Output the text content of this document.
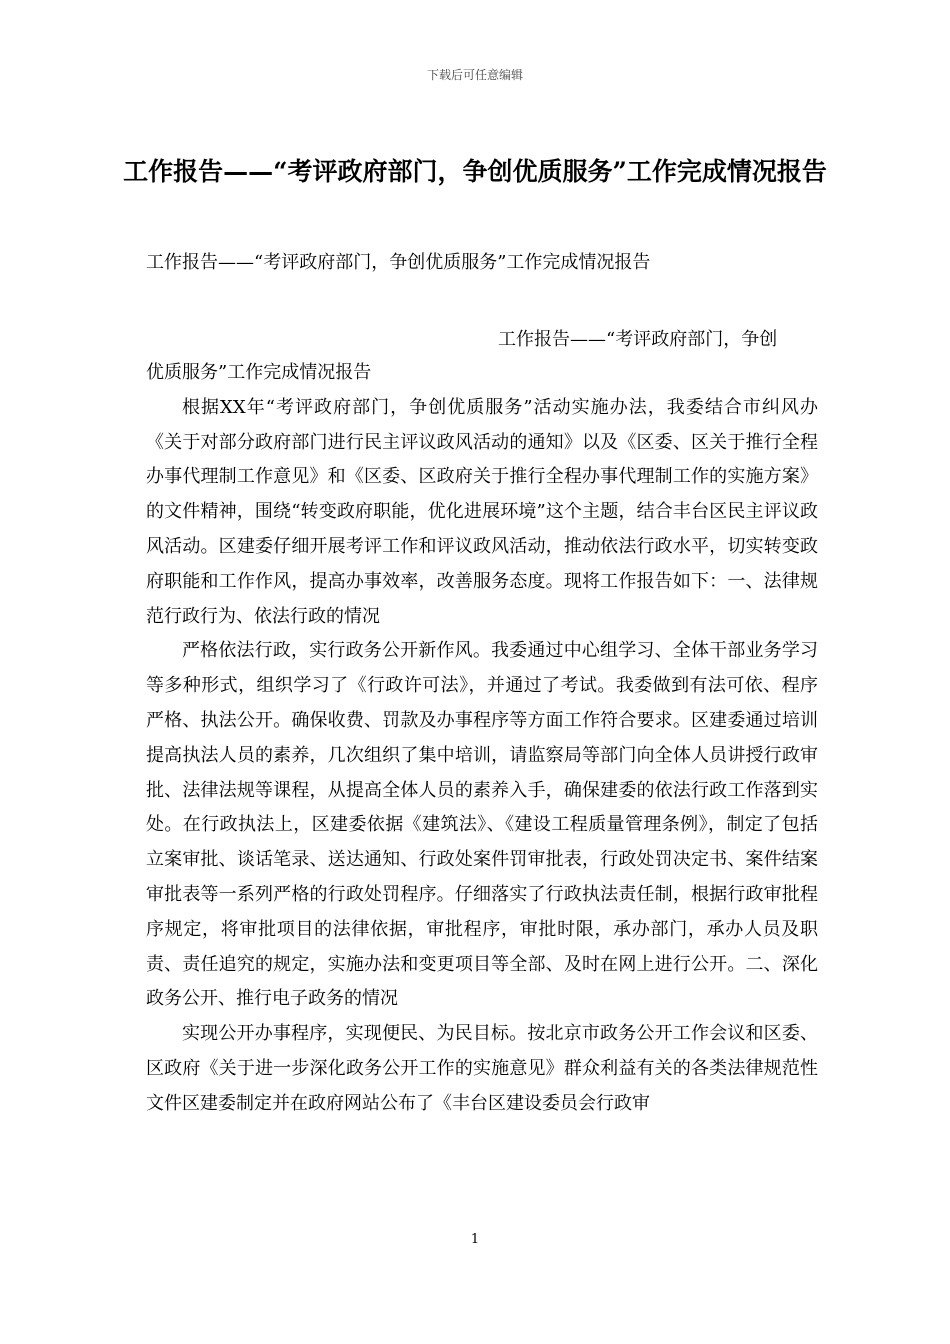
下载后可任意编辑
工作报告——“考评政府部门，争创优质服务”工作完成情况报告
工作报告——“考评政府部门，争创优质服务”工作完成情况报告
工作报告——“考评政府部门，争创

优质服务”工作完成情况报告

根据XX年“考评政府部门，争创优质服务”活动实施办法，我委结合市纠风办《关于对部分政府部门进行民主评议政风活动的通知》以及《区委、区关于推行全程办事代理制工作意见》和《区委、区政府关于推行全程办事代理制工作的实施方案》的文件精神，围绕“转变政府职能，优化进展环境”这个主题，结合丰台区民主评议政风活动。区建委仔细开展考评工作和评议政风活动，推动依法行政水平，切实转变政府职能和工作作风，提高办事效率，改善服务态度。现将工作报告如下：一、法律规范行政行为、依法行政的情况

严格依法行政，实行政务公开新作风。我委通过中心组学习、全体干部业务学习等多种形式，组织学习了《行政许可法》，并通过了考试。我委做到有法可依、程序严格、执法公开。确保收费、罚款及办事程序等方面工作符合要求。区建委通过培训提高执法人员的素养，几次组织了集中培训，请监察局等部门向全体人员讲授行政审批、法律法规等课程，从提高全体人员的素养入手，确保建委的依法行政工作落到实处。在行政执法上，区建委依据《建筑法》、《建设工程质量管理条例》，制定了包括立案审批、谈话笔录、送达通知、行政处案件罚审批表，行政处罚决定书、案件结案审批表等一系列严格的行政处罚程序。仔细落实了行政执法责任制，根据行政审批程序规定，将审批项目的法律依据，审批程序，审批时限，承办部门，承办人员及职责、责任追究的规定，实施办法和变更项目等全部、及时在网上进行公开。二、深化政务公开、推行电子政务的情况

实现公开办事程序，实现便民、为民目标。按北京市政务公开工作会议和区委、区政府《关于进一步深化政务公开工作的实施意见》群众利益有关的各类法律规范性文件区建委制定并在政府网站公布了《丰台区建设委员会行政审

1
